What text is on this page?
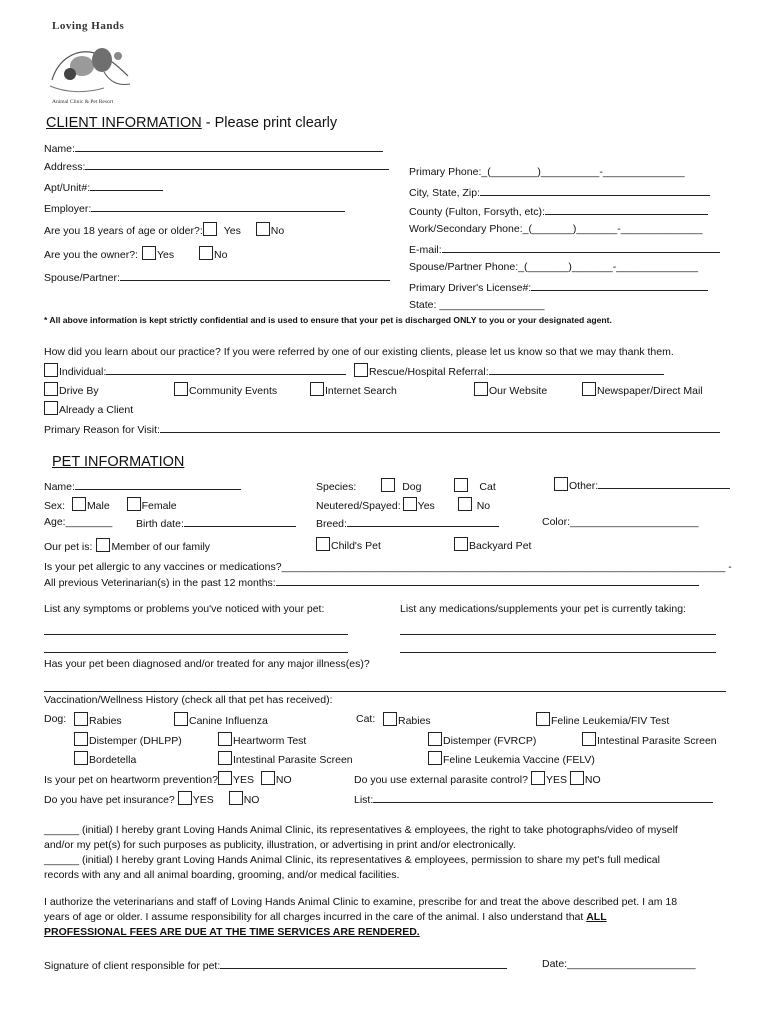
Loving Hands
Animal Clinic & Pet Resort
CLIENT INFORMATION - Please print clearly
Name:
Address:
Apt/Unit#:
Employer:
Are you 18 years of age or older?: Yes	No
Are you the owner?: Yes	No
Spouse/Partner:
Primary Phone:_(________)__________-______________
City, State, Zip:
County (Fulton, Forsyth, etc):
Work/Secondary Phone:_(_______)_______-______________
E-mail:
Spouse/Partner Phone:_(_______)_______-______________
Primary Driver's License#:
State: __________________
* All above information is kept strictly confidential and is used to ensure that your pet is discharged ONLY to you or your designated agent.
How did you learn about our practice? If you were referred by one of our existing clients, please let us know so that we may thank them.
Individual:	Rescue/Hospital Referral:
Drive By	Community Events	Internet Search	Our Website	Newspaper/Direct Mail
Already a Client
Primary Reason for Visit:
PET INFORMATION
Name:	Species:	Dog	Cat	Other:
Sex: Male	Female	Neutered/Spayed: Yes	No
Age:________ Birth date:	Breed:	Color:______________________
Our pet is: Member of our family	Child's Pet	Backyard Pet
Is your pet allergic to any vaccines or medications?____________________________________________________________________________ -
All previous Veterinarian(s) in the past 12 months:
List any symptoms or problems you've noticed with your pet:	List any medications/supplements your pet is currently taking:
Has your pet been diagnosed and/or treated for any major illness(es)?
Vaccination/Wellness History (check all that pet has received):
Dog:	Rabies	Canine Influenza
Distemper (DHLPP)	Heartworm Test
Bordetella	Intestinal Parasite Screen
Cat:	Rabies	Feline Leukemia/FIV Test
Distemper (FVRCP)	Intestinal Parasite Screen
Feline Leukemia Vaccine (FELV)
Is your pet on heartworm prevention? YES NO	Do you use external parasite control? YES NO
Do you have pet insurance? YES	NO	List:
______ (initial) I hereby grant Loving Hands Animal Clinic, its representatives & employees, the right to take photographs/video of myself
and/or my pet(s) for such purposes as publicity, illustration, or advertising in print and/or electronically.
______ (initial) I hereby grant Loving Hands Animal Clinic, its representatives & employees, permission to share my pet's full medical
records with any and all animal boarding, grooming, and/or medical facilities.
I authorize the veterinarians and staff of Loving Hands Animal Clinic to examine, prescribe for and treat the above described pet. I am 18
years of age or older. I assume responsibility for all charges incurred in the care of the animal. I also understand that ALL
PROFESSIONAL FEES ARE DUE AT THE TIME SERVICES ARE RENDERED.
Signature of client responsible for pet:	Date:______________________
